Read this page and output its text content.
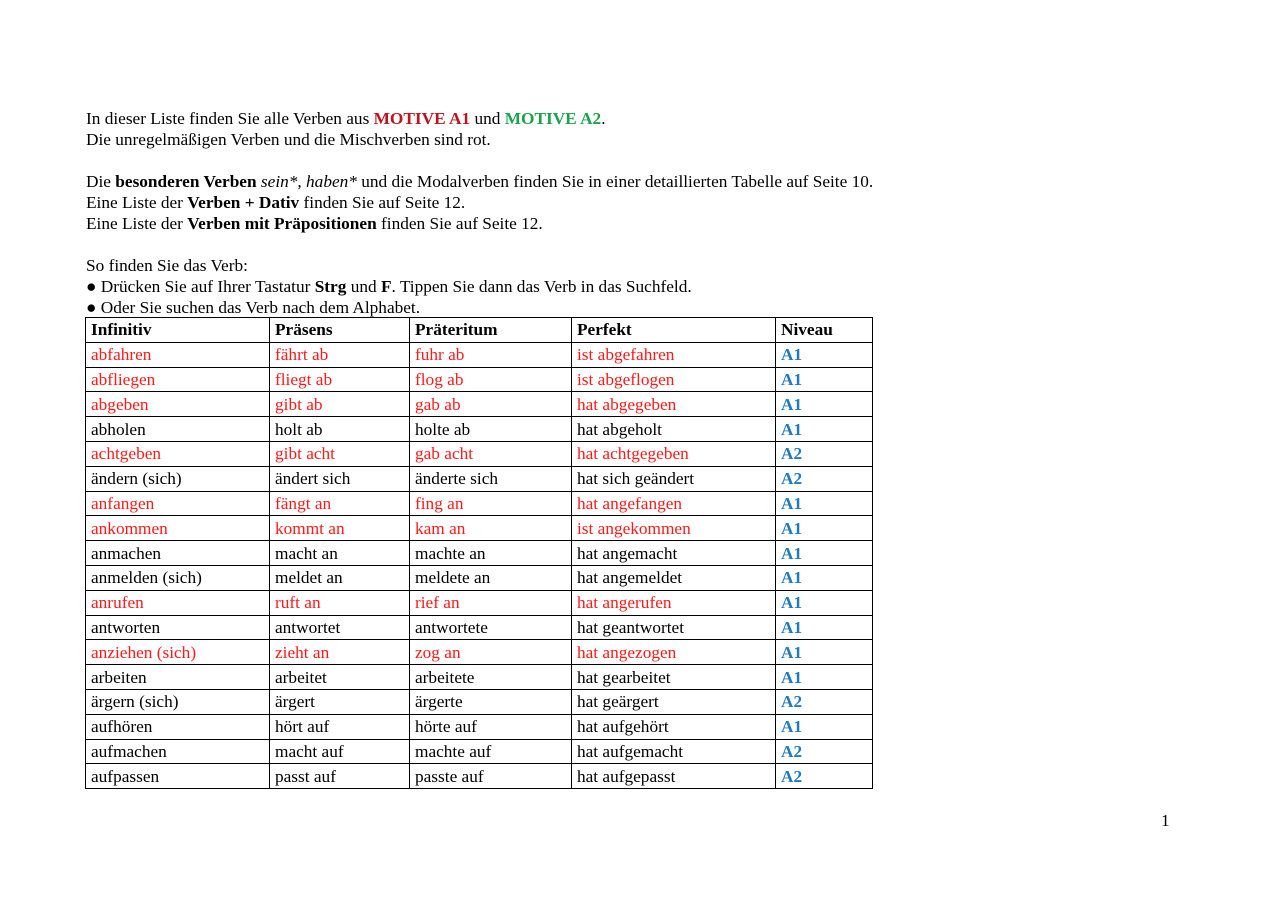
In dieser Liste finden Sie alle Verben aus MOTIVE A1 und MOTIVE A2.

Die unregelmäßigen Verben und die Mischverben sind rot.

Die besonderen Verben sein*, haben* und die Modalverben finden Sie in einer detaillierten Tabelle auf Seite 10.

Eine Liste der Verben + Dativ finden Sie auf Seite 12.

Eine Liste der Verben mit Präpositionen finden Sie auf Seite 12.

So finden Sie das Verb:

● Drücken Sie auf Ihrer Tastatur Strg und F. Tippen Sie dann das Verb in das Suchfeld.

● Oder Sie suchen das Verb nach dem Alphabet.

Infinitiv	Präsens	Präteritum	Perfekt	Niveau
abfahren	fährt ab	fuhr ab	ist abgefahren	A1
abfliegen	fliegt ab	flog ab	ist abgeflogen	A1
abgeben	gibt ab	gab ab	hat abgegeben	A1
abholen	holt ab	holte ab	hat abgeholt	A1
achtgeben	gibt acht	gab acht	hat achtgegeben	A2
ändern (sich)	ändert sich	änderte sich	hat sich geändert	A2
anfangen	fängt an	fing an	hat angefangen	A1
ankommen	kommt an	kam an	ist angekommen	A1
anmachen	macht an	machte an	hat angemacht	A1
anmelden (sich)	meldet an	meldete an	hat angemeldet	A1
anrufen	ruft an	rief an	hat angerufen	A1
antworten	antwortet	antwortete	hat geantwortet	A1
anziehen (sich)	zieht an	zog an	hat angezogen	A1
arbeiten	arbeitet	arbeitete	hat gearbeitet	A1
ärgern (sich)	ärgert	ärgerte	hat geärgert	A2
aufhören	hört auf	hörte auf	hat aufgehört	A1
aufmachen	macht auf	machte auf	hat aufgemacht	A2
aufpassen	passt auf	passte auf	hat aufgepasst	A2
1
